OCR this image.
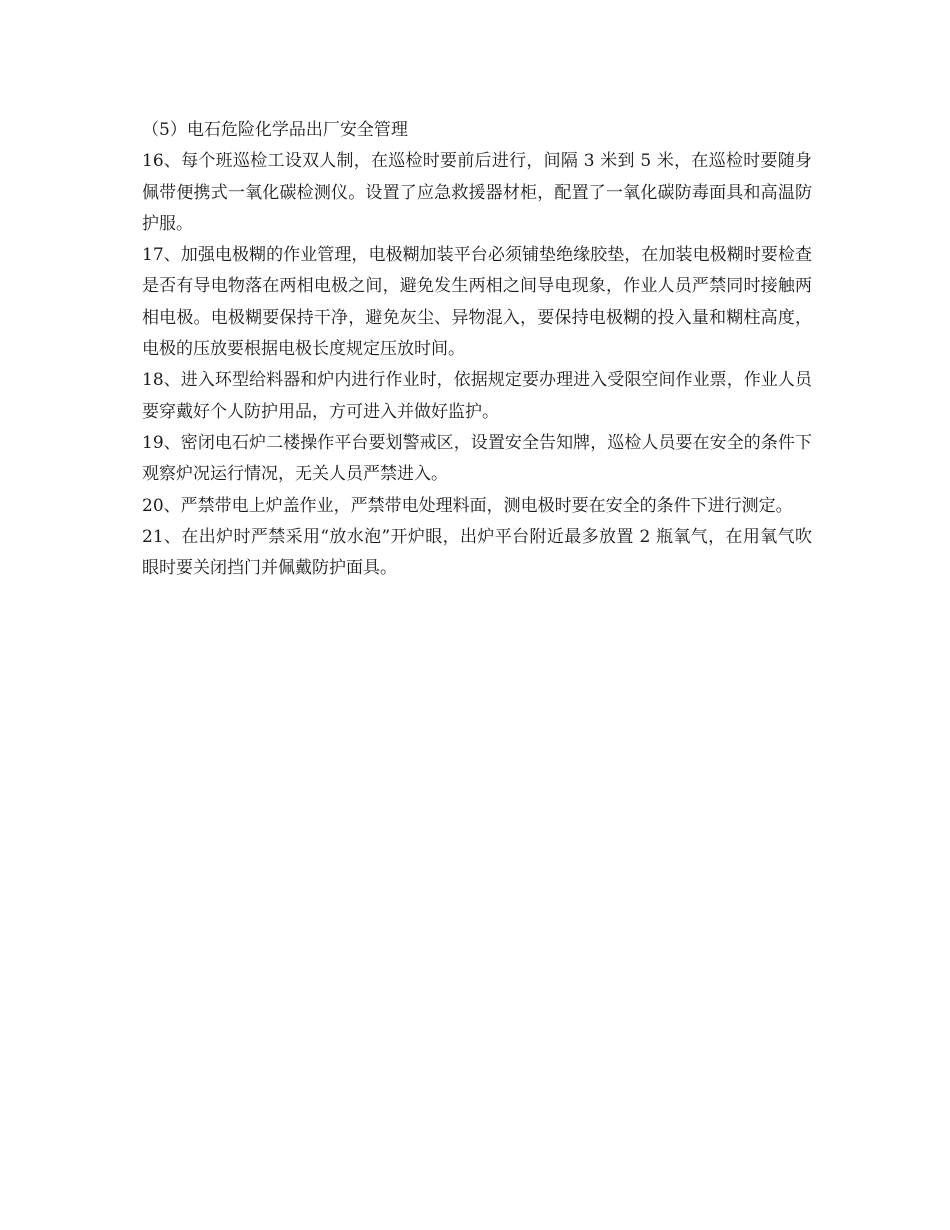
（5）电石危险化学品出厂安全管理

16、每个班巡检工设双人制，在巡检时要前后进行，间隔 3 米到 5 米，在巡检时要随身佩带便携式一氧化碳检测仪。设置了应急救援器材柜，配置了一氧化碳防毒面具和高温防护服。

17、加强电极糊的作业管理，电极糊加装平台必须铺垫绝缘胶垫，在加装电极糊时要检查是否有导电物落在两相电极之间，避免发生两相之间导电现象，作业人员严禁同时接触两相电极。电极糊要保持干净，避免灰尘、异物混入，要保持电极糊的投入量和糊柱高度，电极的压放要根据电极长度规定压放时间。

18、进入环型给料器和炉内进行作业时，依据规定要办理进入受限空间作业票，作业人员要穿戴好个人防护用品，方可进入并做好监护。

19、密闭电石炉二楼操作平台要划警戒区，设置安全告知牌，巡检人员要在安全的条件下观察炉况运行情况，无关人员严禁进入。

20、严禁带电上炉盖作业，严禁带电处理料面，测电极时要在安全的条件下进行测定。

21、在出炉时严禁采用“放水泡”开炉眼，出炉平台附近最多放置 2 瓶氧气，在用氧气吹眼时要关闭挡门并佩戴防护面具。
